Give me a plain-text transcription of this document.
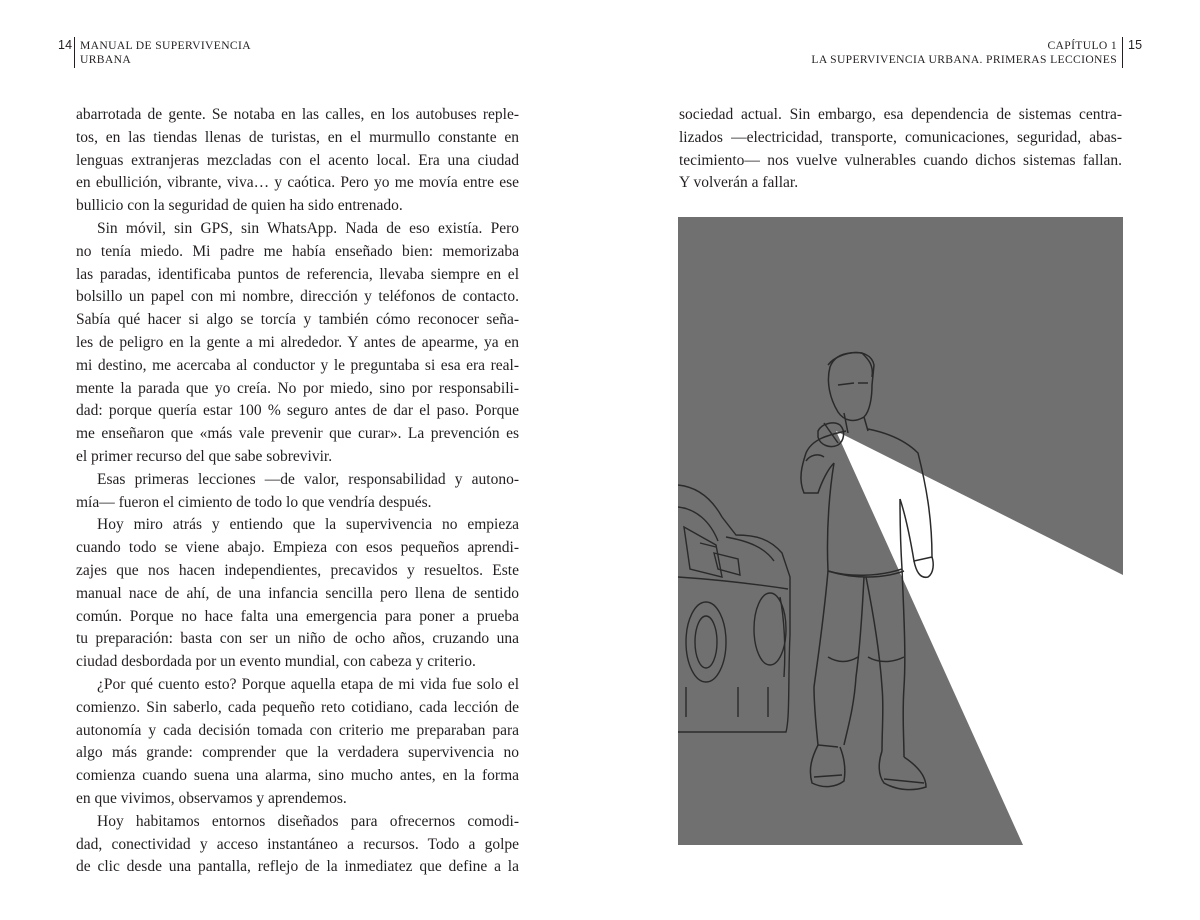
14 MANUAL DE SUPERVIVENCIA
URBANA
CAPÍTULO 1
LA SUPERVIVENCIA URBANA. PRIMERAS LECCIONES
15

abarrotada de gente. Se notaba en las calles, en los autobuses reple-

tos, en las tiendas llenas de turistas, en el murmullo constante en

lenguas extranjeras mezcladas con el acento local. Era una ciudad

en ebullición, vibrante, viva… y caótica. Pero yo me movía entre ese

bullicio con la seguridad de quien ha sido entrenado.

Sin móvil, sin GPS, sin WhatsApp. Nada de eso existía. Pero

no tenía miedo. Mi padre me había enseñado bien: memorizaba

las paradas, identificaba puntos de referencia, llevaba siempre en el

bolsillo un papel con mi nombre, dirección y teléfonos de contacto.

Sabía qué hacer si algo se torcía y también cómo reconocer seña-

les de peligro en la gente a mi alrededor. Y antes de apearme, ya en

mi destino, me acercaba al conductor y le preguntaba si esa era real-

mente la parada que yo creía. No por miedo, sino por responsabili-

dad: porque quería estar 100 % seguro antes de dar el paso. Porque

me enseñaron que «más vale prevenir que curar». La prevención es

el primer recurso del que sabe sobrevivir.

Esas primeras lecciones —de valor, responsabilidad y autono-

mía— fueron el cimiento de todo lo que vendría después.

Hoy miro atrás y entiendo que la supervivencia no empieza

cuando todo se viene abajo. Empieza con esos pequeños aprendi-

zajes que nos hacen independientes, precavidos y resueltos. Este

manual nace de ahí, de una infancia sencilla pero llena de sentido

común. Porque no hace falta una emergencia para poner a prueba

tu preparación: basta con ser un niño de ocho años, cruzando una

ciudad desbordada por un evento mundial, con cabeza y criterio.

¿Por qué cuento esto? Porque aquella etapa de mi vida fue solo el

comienzo. Sin saberlo, cada pequeño reto cotidiano, cada lección de

autonomía y cada decisión tomada con criterio me preparaban para

algo más grande: comprender que la verdadera supervivencia no

comienza cuando suena una alarma, sino mucho antes, en la forma

en que vivimos, observamos y aprendemos.

Hoy habitamos entornos diseñados para ofrecernos comodi-

dad, conectividad y acceso instantáneo a recursos. Todo a golpe

de clic desde una pantalla, reflejo de la inmediatez que define a la

sociedad actual. Sin embargo, esa dependencia de sistemas centra-

lizados —electricidad, transporte, comunicaciones, seguridad, abas-

tecimiento— nos vuelve vulnerables cuando dichos sistemas fallan.

Y volverán a fallar.
